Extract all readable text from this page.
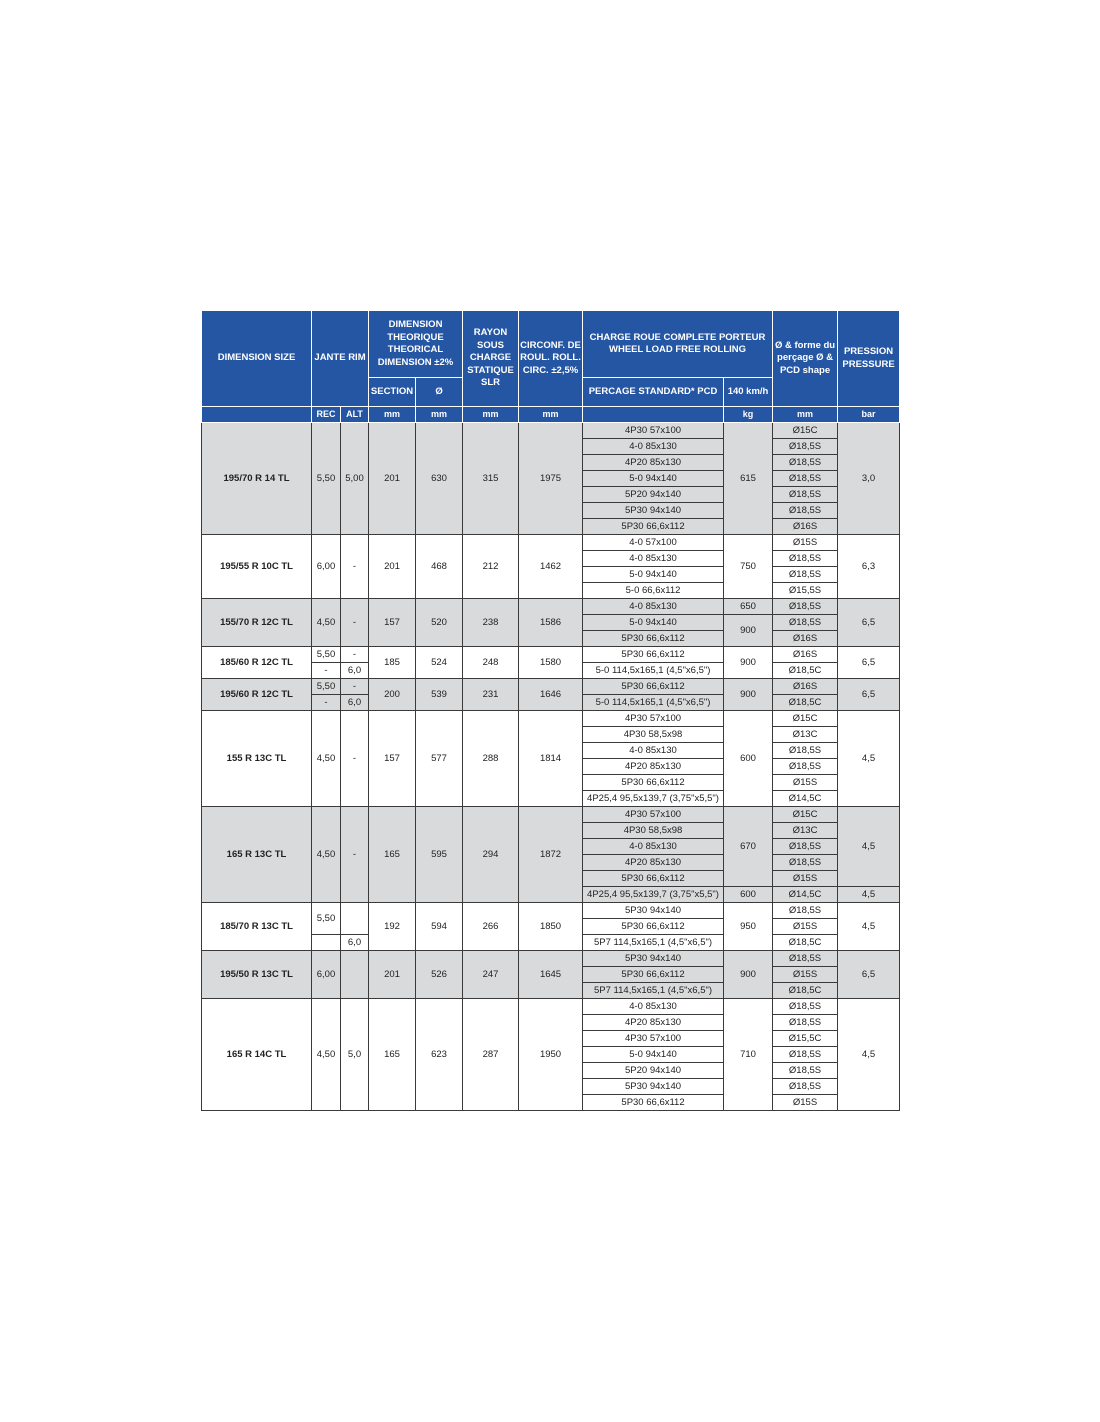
DIMENSION SIZE	JANTE RIM		DIMENSION THEORIQUE THEORICAL DIMENSION ±2%		RAYON SOUS CHARGE STATIQUE SLR	CIRCONF. DE ROUL. ROLL. CIRC. ±2,5%	CHARGE ROUE COMPLETE PORTEUR WHEEL LOAD FREE ROLLING		Ø & forme du perçage Ø & PCD shape	PRESSION PRESSURE
			SECTION	Ø			PERCAGE STANDARD* PCD	140 km/h		
	REC	ALT	mm	mm	mm	mm		kg	mm	bar
195/70 R 14 TL	5,50	5,00	201	630	315	1975	4P30 57x100	615	Ø15C	3,0
							4-0 85x130		Ø18,5S	
							4P20 85x130		Ø18,5S	
							5-0 94x140		Ø18,5S	
							5P20 94x140		Ø18,5S	
							5P30 94x140		Ø18,5S	
							5P30 66,6x112		Ø16S	
195/55 R 10C TL	6,00	-	201	468	212	1462	4-0 57x100	750	Ø15S	6,3
							4-0 85x130		Ø18,5S	
							5-0 94x140		Ø18,5S	
							5-0 66,6x112		Ø15,5S	
155/70 R 12C TL	4,50	-	157	520	238	1586	4-0 85x130	650	Ø18,5S	6,5
							5-0 94x140	900	Ø18,5S	
							5P30 66,6x112		Ø16S	
185/60 R 12C TL	5,50	-	185	524	248	1580	5P30 66,6x112	900	Ø16S	6,5
	-	6,0					5-0 114,5x165,1 (4,5"x6,5")		Ø18,5C	
195/60 R 12C TL	5,50	-	200	539	231	1646	5P30 66,6x112	900	Ø16S	6,5
	-	6,0					5-0 114,5x165,1 (4,5"x6,5")		Ø18,5C	
155 R 13C TL	4,50	-	157	577	288	1814	4P30 57x100	600	Ø15C	4,5
							4P30 58,5x98		Ø13C	
							4-0 85x130		Ø18,5S	
							4P20 85x130		Ø18,5S	
							5P30 66,6x112		Ø15S	
							4P25,4 95,5x139,7 (3,75"x5,5")		Ø14,5C	
165 R 13C TL	4,50	-	165	595	294	1872	4P30 57x100	670	Ø15C	4,5
							4P30 58,5x98		Ø13C	
							4-0 85x130		Ø18,5S	
							4P20 85x130		Ø18,5S	
							5P30 66,6x112		Ø15S	
							4P25,4 95,5x139,7 (3,75"x5,5")	600	Ø14,5C	4,5
185/70 R 13C TL	5,50		192	594	266	1850	5P30 94x140	950	Ø18,5S	4,5
							5P30 66,6x112		Ø15S	
		6,0					5P7 114,5x165,1 (4,5"x6,5")		Ø18,5C	
195/50 R 13C TL	6,00		201	526	247	1645	5P30 94x140	900	Ø18,5S	6,5
							5P30 66,6x112		Ø15S	
							5P7 114,5x165,1 (4,5"x6,5")		Ø18,5C	
165 R 14C TL	4,50	5,0	165	623	287	1950	4-0 85x130	710	Ø18,5S	4,5
							4P20 85x130		Ø18,5S	
							4P30 57x100		Ø15,5C	
							5-0 94x140		Ø18,5S	
							5P20 94x140		Ø18,5S	
							5P30 94x140		Ø18,5S	
							5P30 66,6x112		Ø15S	
